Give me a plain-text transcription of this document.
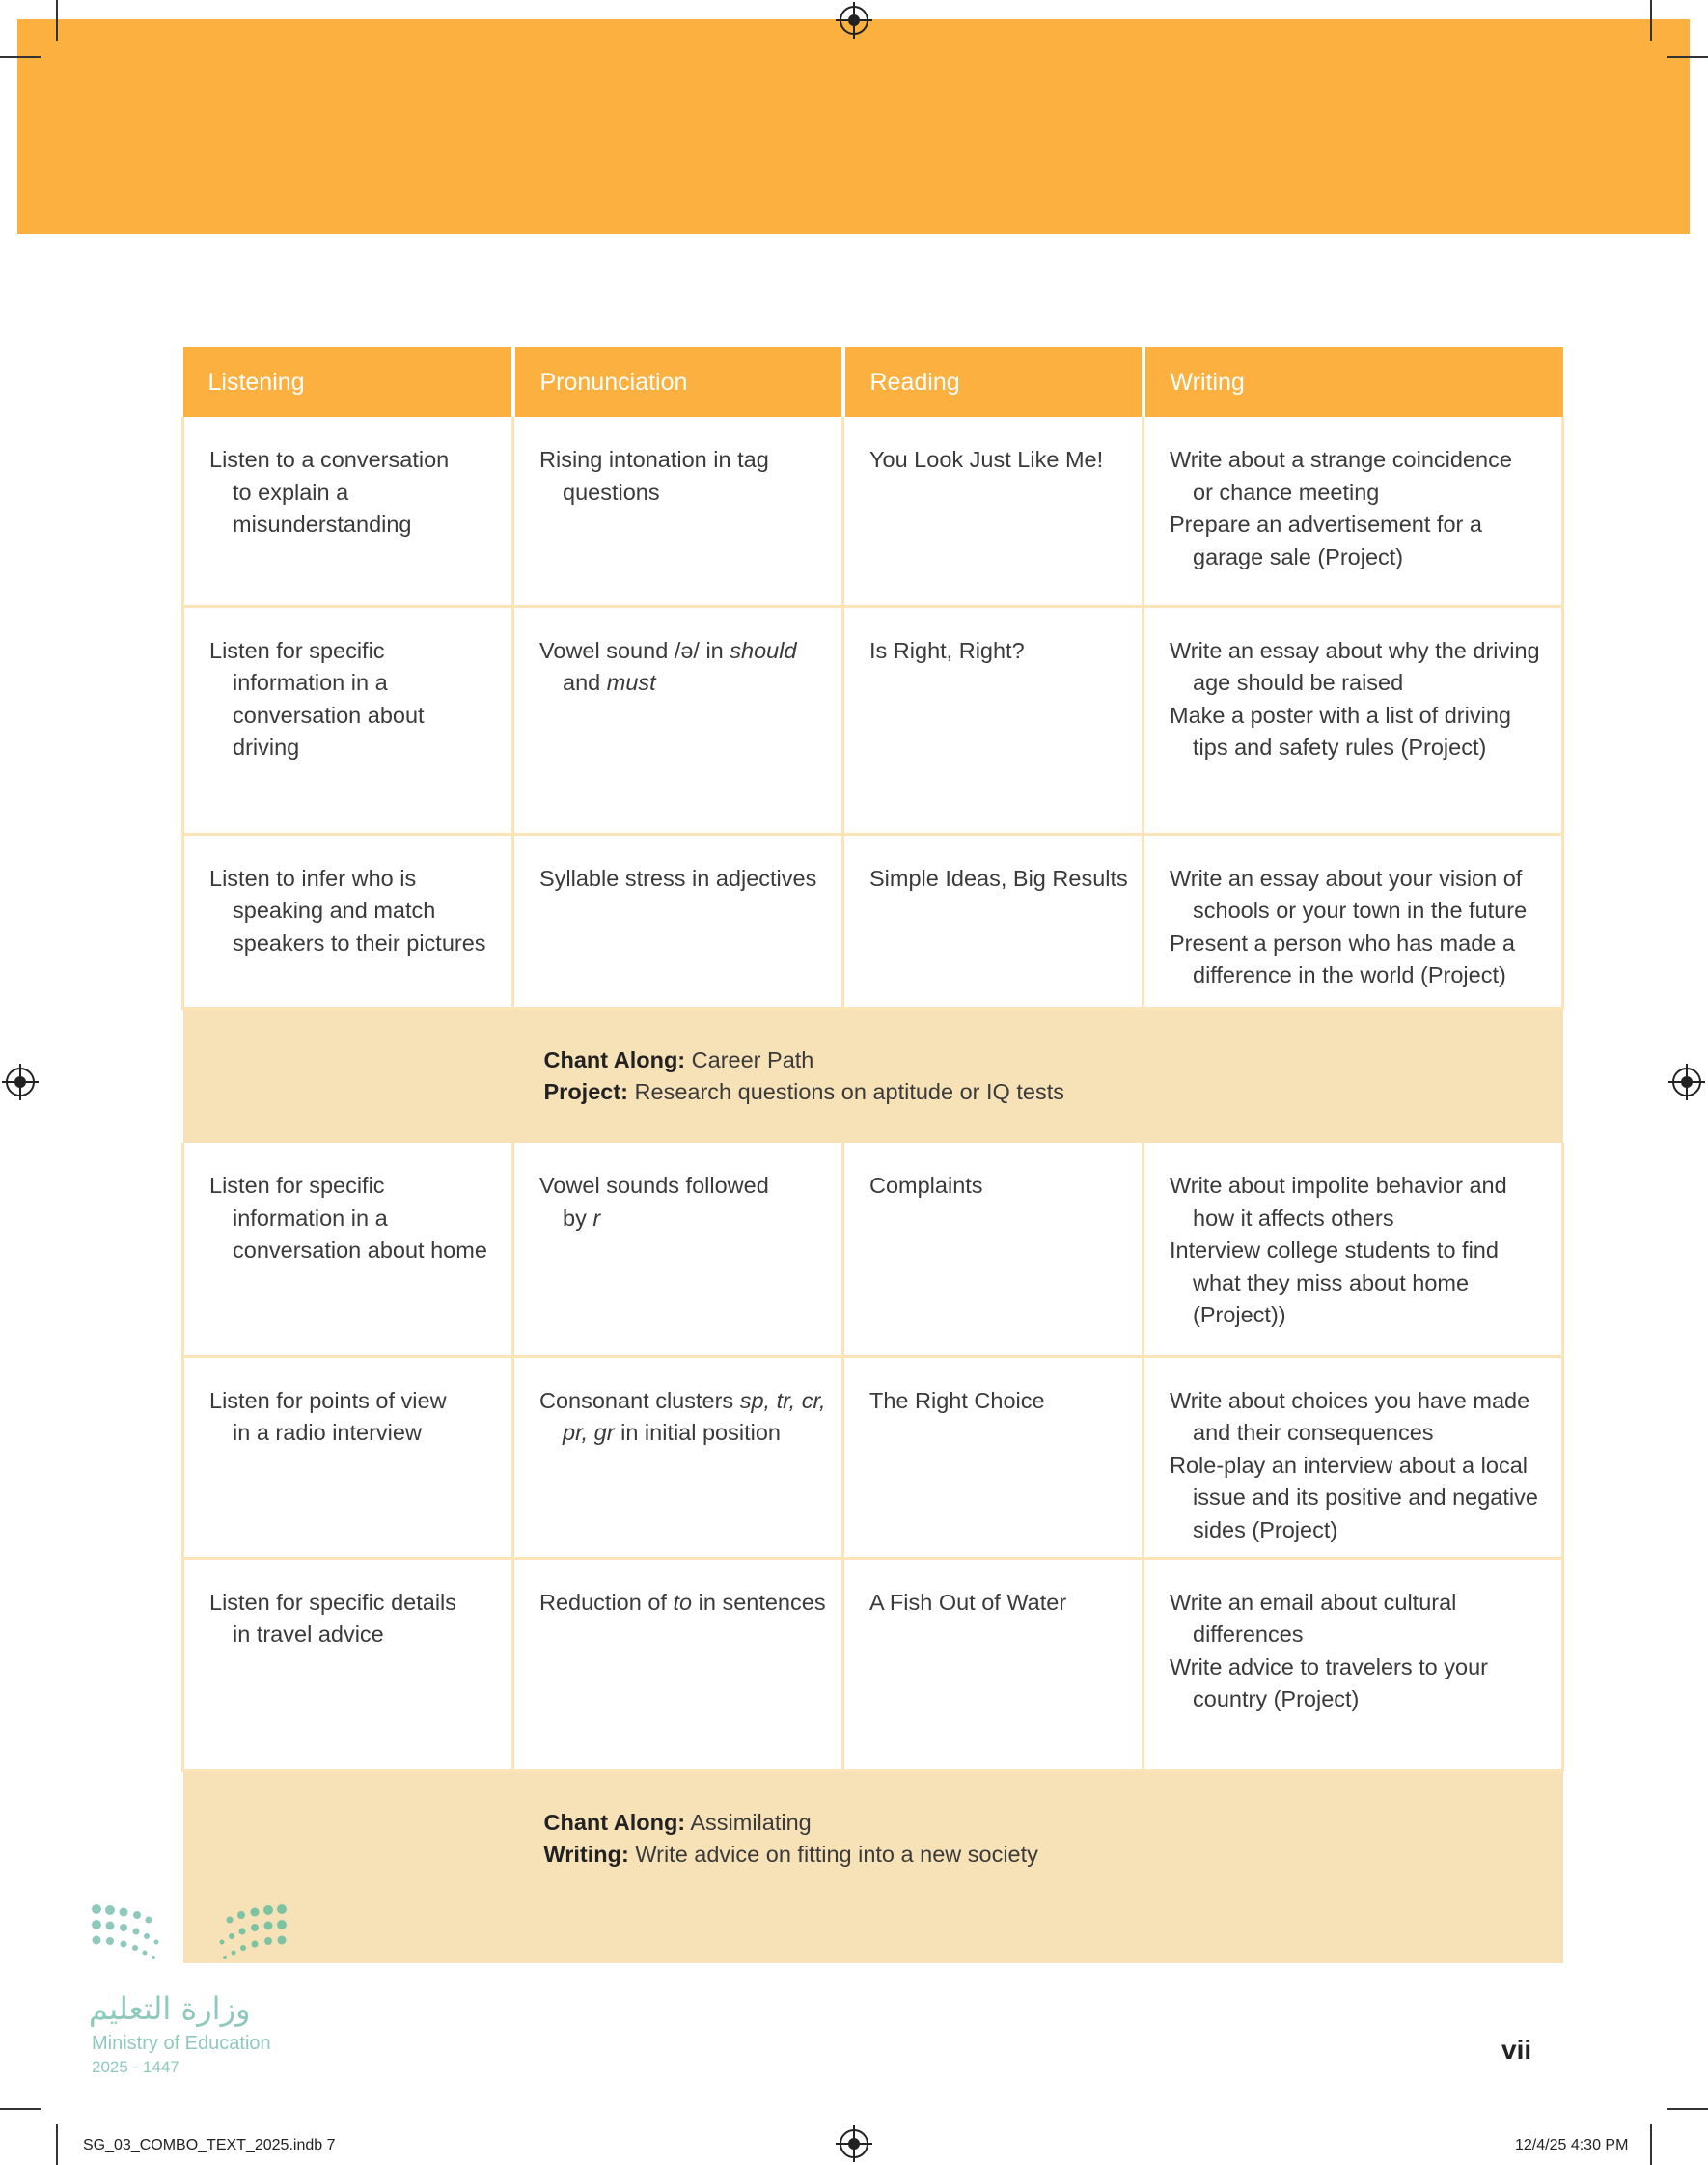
Listening	Pronunciation	Reading	Writing

Listen to a conversation
to explain a
misunderstanding	Rising intonation in tag
questions	You Look Just Like Me!	Write about a strange coincidence
or chance meeting
Prepare an advertisement for a
garage sale (Project)

Listen for specific
information in a
conversation about
driving	Vowel sound /ə/ in should
and must	Is Right, Right?	Write an essay about why the driving
age should be raised
Make a poster with a list of driving
tips and safety rules (Project)

Listen to infer who is
speaking and match
speakers to their pictures	Syllable stress in adjectives	Simple Ideas, Big Results	Write an essay about your vision of
schools or your town in the future
Present a person who has made a
difference in the world (Project)

Chant Along: Career Path
Project: Research questions on aptitude or IQ tests			

Listen for specific
information in a
conversation about home	Vowel sounds followed
by r	Complaints	Write about impolite behavior and
how it affects others
Interview college students to find
what they miss about home
(Project))

Listen for points of view
in a radio interview	Consonant clusters sp, tr, cr,
pr, gr in initial position	The Right Choice	Write about choices you have made
and their consequences
Role-play an interview about a local
issue and its positive and negative
sides (Project)

Listen for specific details
in travel advice	Reduction of to in sentences	A Fish Out of Water	Write an email about cultural
differences
Write advice to travelers to your
country (Project)

Chant Along: Assimilating
Writing: Write advice on fitting into a new society			
وزارة التعليم
Ministry of Education
2025 - 1447
vii
SG_03_COMBO_TEXT_2025.indb 7	12/4/25 4:30 PM
